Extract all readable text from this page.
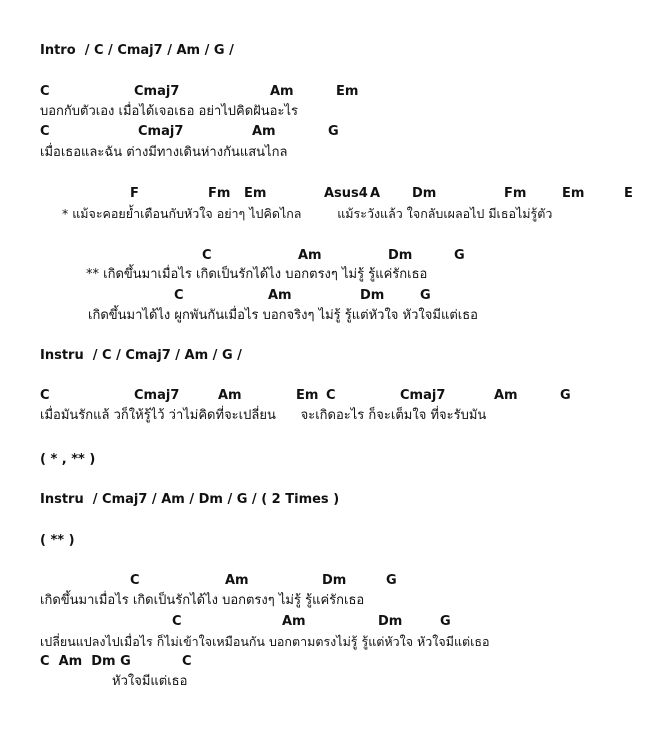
Intro  / C / Cmaj7 / Am / G /

C

	Cmaj7

	Am

	Em

บอกกับตัวเอง เมื่อได้เจอเธอ อย่าไปคิดฝันอะไร

C

	Cmaj7

	Am

	G

เมื่อเธอและฉัน ต่างมีทางเดินห่างกันแสนไกล

F

	Fm

Em

	Asus4

A

Dm

	Fm

	Em

	E

* แม้จะคอยย้ำเตือนกับหัวใจ อย่าๆ ไปคิดไกล         แม้ระวังแล้ว ใจกลับเผลอไป มีเธอไม่รู้ตัว

C

	Am

	Dm

	G

** เกิดขึ้นมาเมื่อไร เกิดเป็นรักได้ไง บอกตรงๆ ไม่รู้ รู้แค่รักเธอ

C

	Am

	Dm

	G

เกิดขึ้นมาได้ไง ผูกพันกันเมื่อไร บอกจริงๆ ไม่รู้ รู้แต่หัวใจ หัวใจมีแต่เธอ
Instru  / C / Cmaj7 / Am / G /

C

	Cmaj7

	Am

	Em

C

	Cmaj7

	Am

	G

เมื่อมันรักแล้ วก็ให้รู้ไว้ ว่าไม่คิดที่จะเปลี่ยน      จะเกิดอะไร ก็จะเต็มใจ ที่จะรับมัน
( * , ** )
Instru  / Cmaj7 / Am / Dm / G / ( 2 Times )
( ** )

C

	Am

	Dm

	G

เกิดขึ้นมาเมื่อไร เกิดเป็นรักได้ไง บอกตรงๆ ไม่รู้ รู้แค่รักเธอ

C

	Am

	Dm

	G

เปลี่ยนแปลงไปเมื่อไร ก็ไม่เข้าใจเหมือนกัน บอกตามตรงไม่รู้ รู้แต่หัวใจ หัวใจมีแต่เธอ

C  Am  Dm G

	C

หัวใจมีแต่เธอ
